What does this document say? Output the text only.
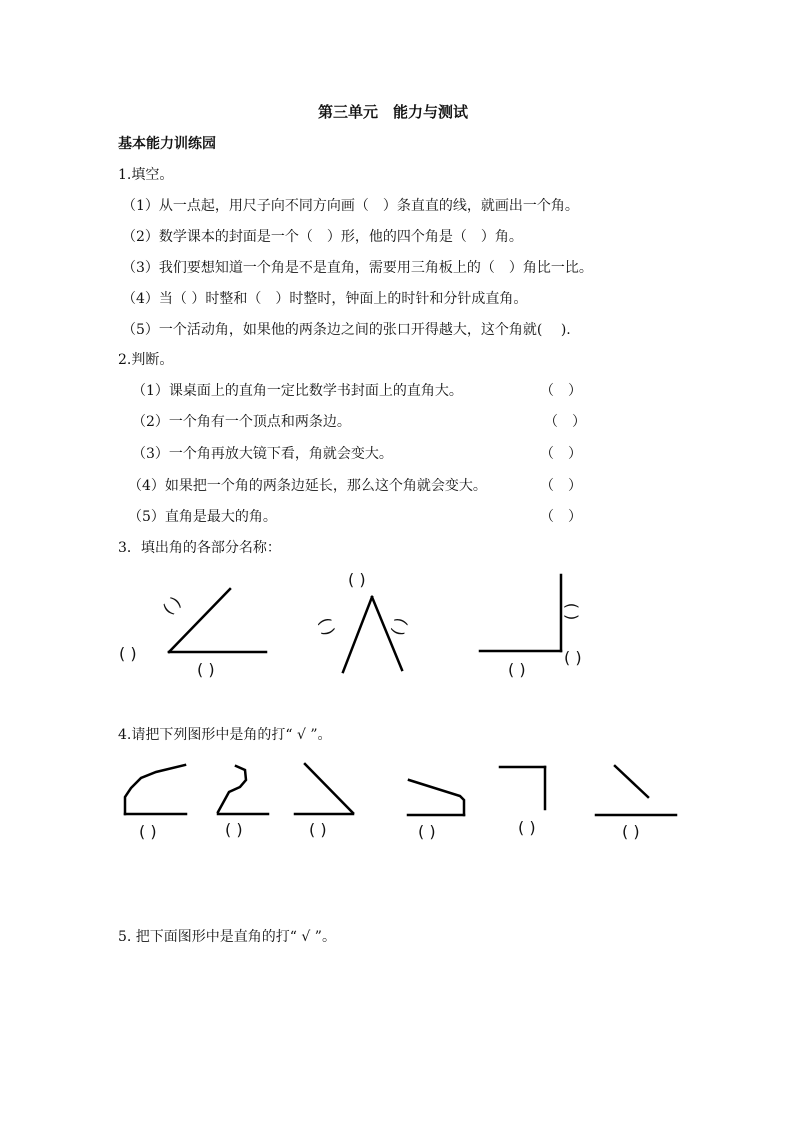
第三单元　能力与测试
基本能力训练园
1.填空。
（1）从一点起，用尺子向不同方向画（　）条直直的线，就画出一个角。
（2）数学课本的封面是一个（　）形，他的四个角是（　）角。
（3）我们要想知道一个角是不是直角，需要用三角板上的（　）角比一比。
（4）当（ ）时整和（　）时整时，钟面上的时针和分针成直角。
（5）一个活动角，如果他的两条边之间的张口开得越大，这个角就(　 ).
2.判断。
（1）课桌面上的直角一定比数学书封面上的直角大。	（　）
（2）一个角有一个顶点和两条边。	（　）
（3）一个角再放大镜下看，角就会变大。	（　）
（4）如果把一个角的两条边延长，那么这个角就会变大。	（　）
（5）直角是最大的角。	（　）
3．填出角的各部分名称：
( )
( )
( )
( )
( )	( )
( )
( )
( )
4.请把下列图形中是角的打“ √ ”。
( )	( )	( )	( )	( )	( )
5. 把下面图形中是直角的打“ √ ”。
